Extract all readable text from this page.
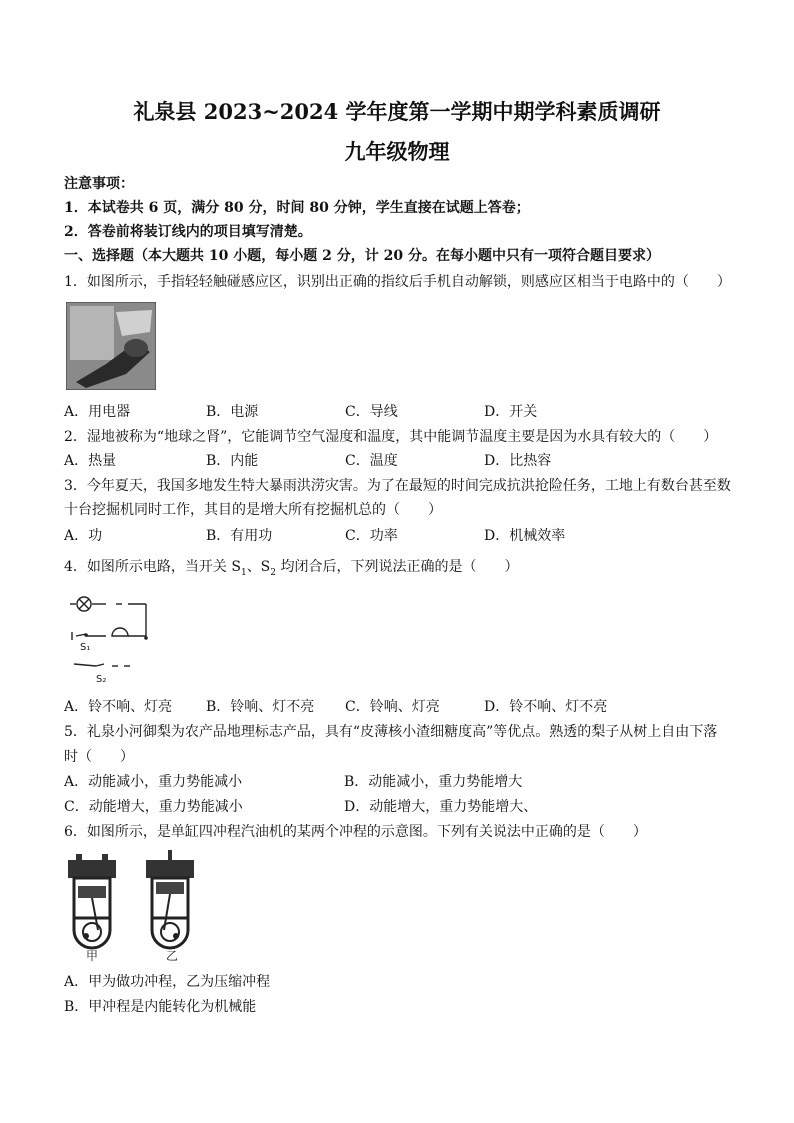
礼泉县 2023~2024 学年度第一学期中期学科素质调研
九年级物理
注意事项：
1．本试卷共 6 页，满分 80 分，时间 80 分钟，学生直接在试题上答卷；
2．答卷前将装订线内的项目填写清楚。
一、选择题（本大题共 10 小题，每小题 2 分，计 20 分。在每小题中只有一项符合题目要求）
1．如图所示，手指轻轻触碰感应区，识别出正确的指纹后手机自动解锁，则感应区相当于电路中的（　　）
A．用电器	B．电源	C．导线	D．开关
2．湿地被称为“地球之肾”，它能调节空气湿度和温度，其中能调节温度主要是因为水具有较大的（　　）
A．热量	B．内能	C．温度	D．比热容
3．今年夏天，我国多地发生特大暴雨洪涝灾害。为了在最短的时间完成抗洪抢险任务，工地上有数台甚至数
十台挖掘机同时工作，其目的是增大所有挖掘机总的（　　）
A．功	B．有用功	C．功率	D．机械效率
4．如图所示电路，当开关 $S_1$、$S_2$ 均闭合后，下列说法正确的是（　　）
S₁
S₂
A．铃不响、灯亮 B．铃响、灯不亮 C．铃响、灯亮	D．铃不响、灯不亮
5．礼泉小河御梨为农产品地理标志产品，具有“皮薄核小渣细糖度高”等优点。熟透的梨子从树上自由下落
时（　　）
A．动能减小，重力势能减小	B．动能减小，重力势能增大
C．动能增大，重力势能减小	D．动能增大，重力势能增大、
6．如图所示，是单缸四冲程汽油机的某两个冲程的示意图。下列有关说法中正确的是（　　）
甲	乙
A．甲为做功冲程，乙为压缩冲程
B．甲冲程是内能转化为机械能
